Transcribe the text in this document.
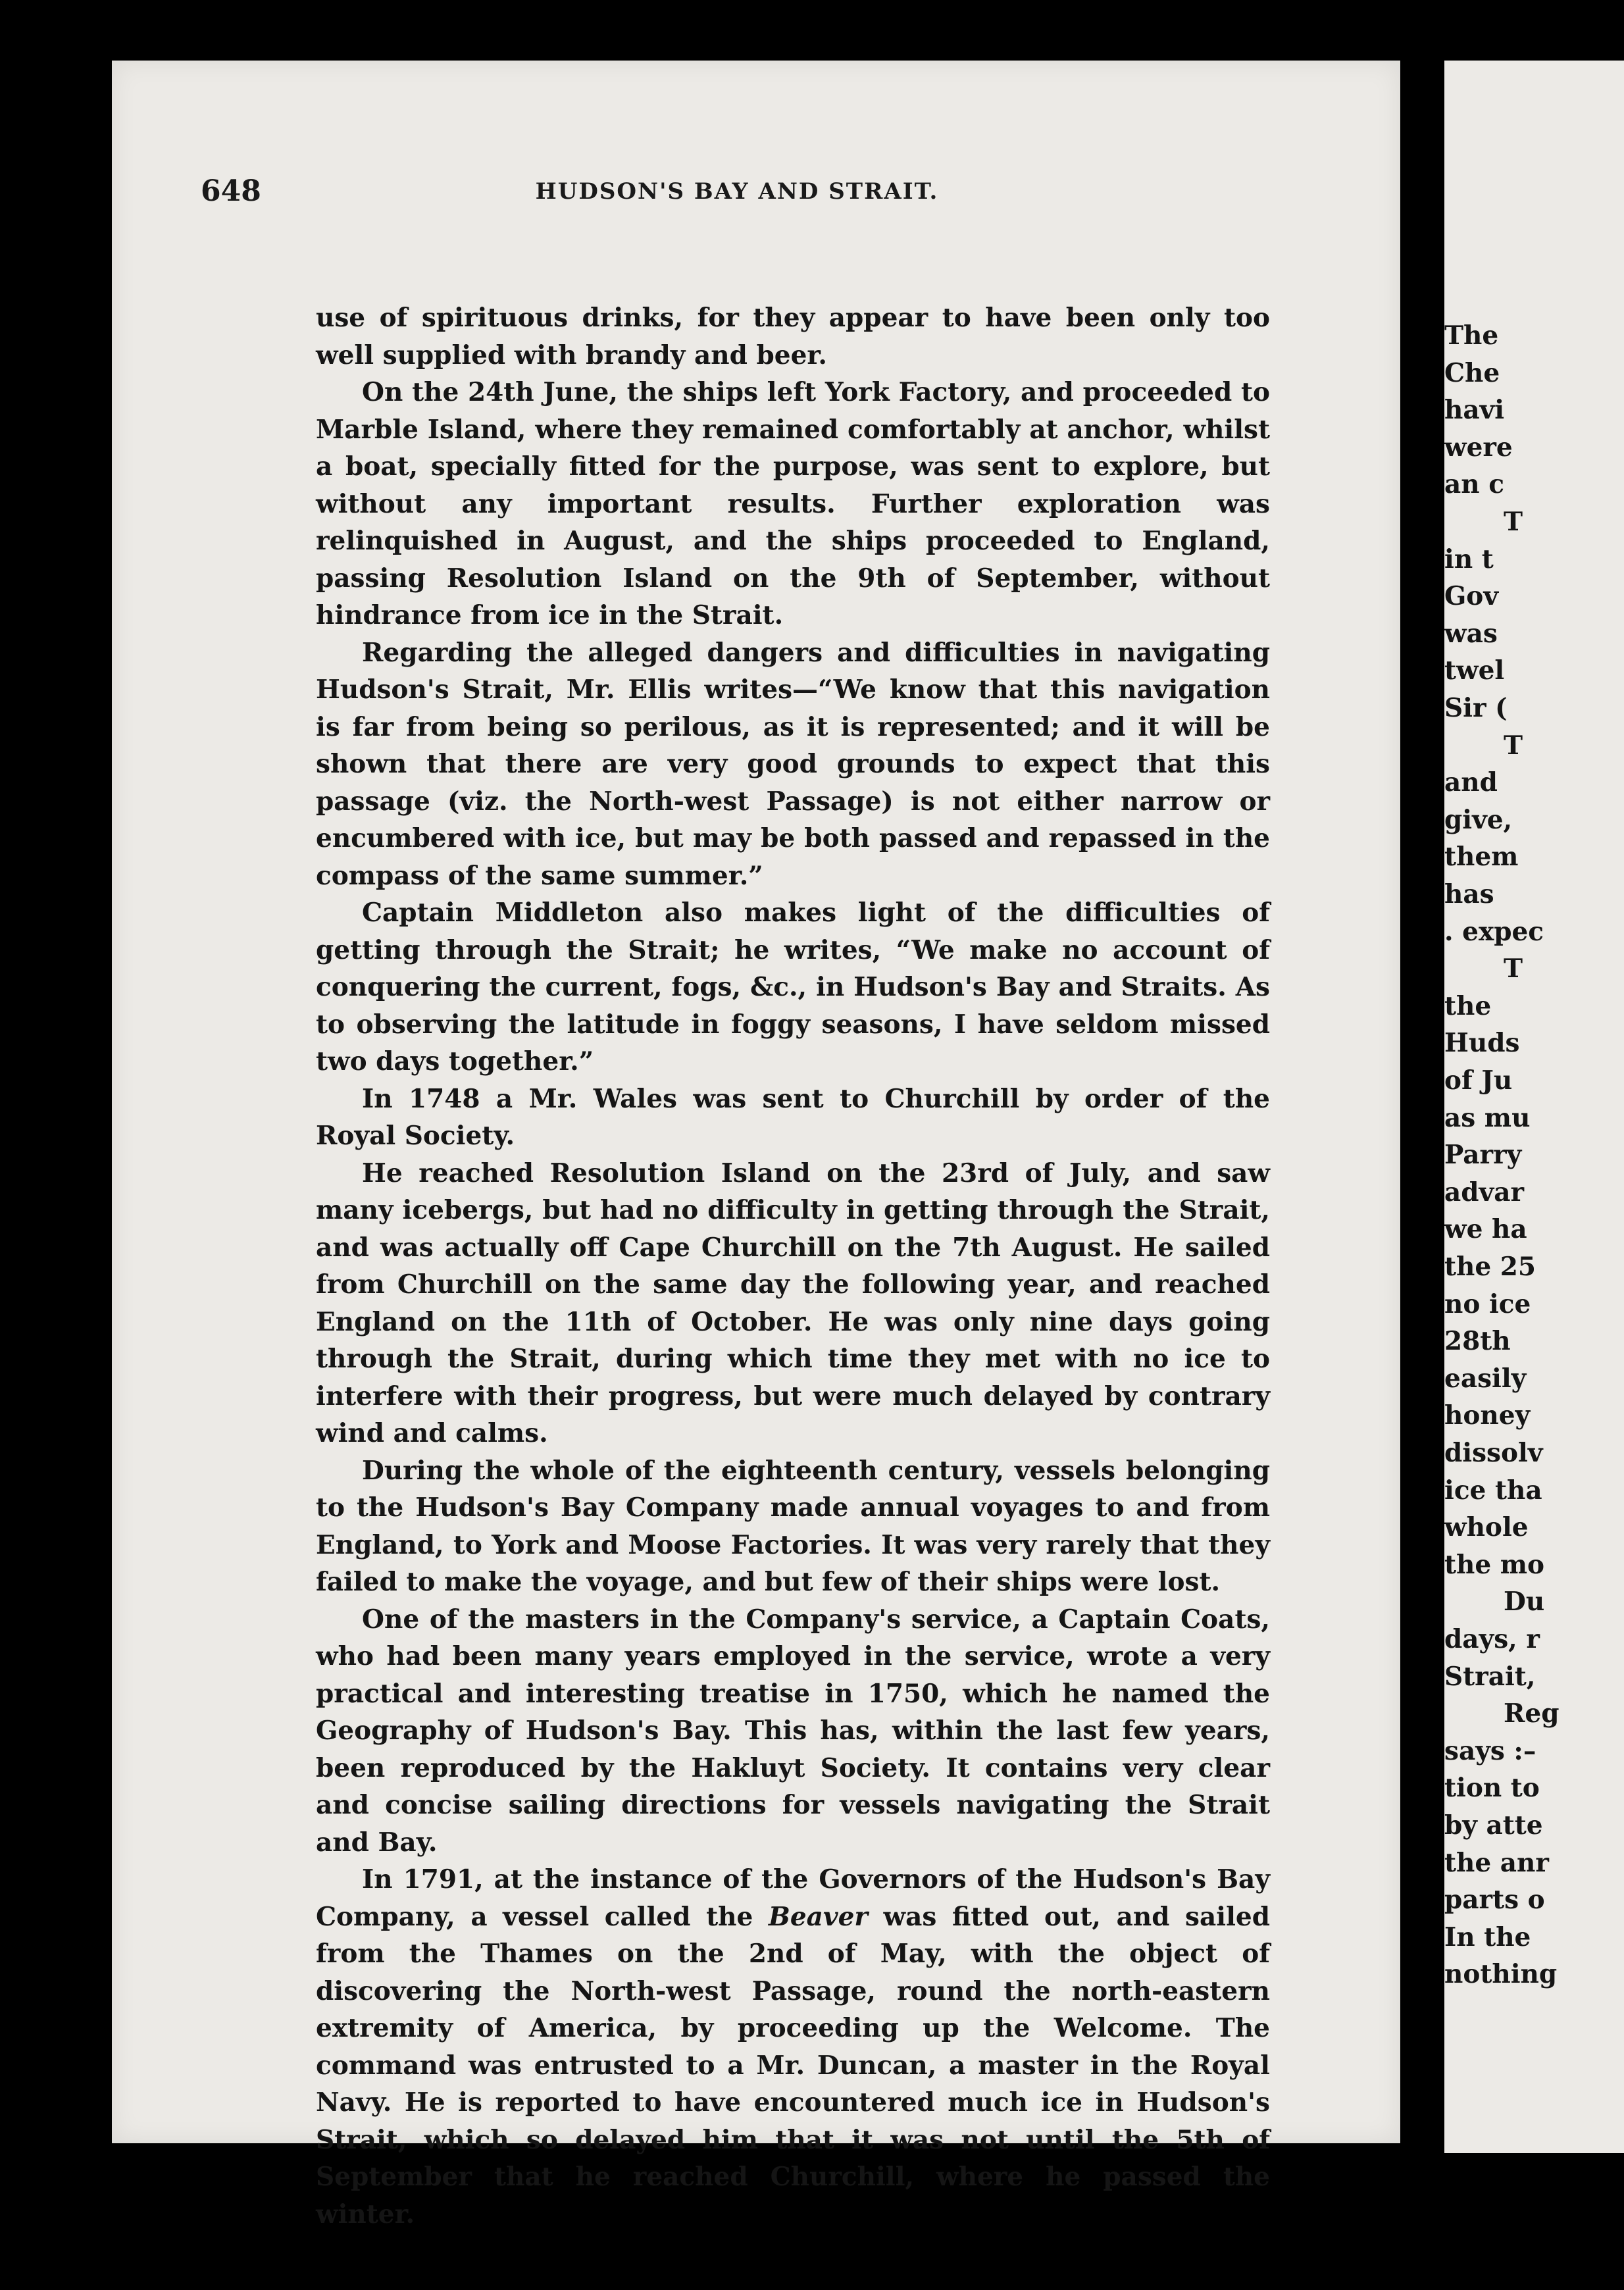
648	HUDSON'S BAY AND STRAIT.

use of spirituous drinks, for they appear to have been only too well supplied with brandy and beer.

On the 24th June, the ships left York Factory, and proceeded to Marble Island, where they remained comfortably at anchor, whilst a boat, specially fitted for the purpose, was sent to explore, but without any important results. Further exploration was relinquished in August, and the ships proceeded to England, passing Resolution Island on the 9th of September, without hindrance from ice in the Strait.

Regarding the alleged dangers and difficulties in navigating Hudson's Strait, Mr. Ellis writes—“We know that this navigation is far from being so perilous, as it is represented; and it will be shown that there are very good grounds to expect that this passage (viz. the North-west Passage) is not either narrow or encumbered with ice, but may be both passed and repassed in the compass of the same summer.”

Captain Middleton also makes light of the difficulties of getting through the Strait; he writes, “We make no account of conquering the current, fogs, &c., in Hudson's Bay and Straits. As to observing the latitude in foggy seasons, I have seldom missed two days together.”

In 1748 a Mr. Wales was sent to Churchill by order of the Royal Society.

He reached Resolution Island on the 23rd of July, and saw many icebergs, but had no difficulty in getting through the Strait, and was actually off Cape Churchill on the 7th August. He sailed from Churchill on the same day the following year, and reached England on the 11th of October. He was only nine days going through the Strait, during which time they met with no ice to interfere with their progress, but were much delayed by contrary wind and calms.

During the whole of the eighteenth century, vessels belonging to the Hudson's Bay Company made annual voyages to and from England, to York and Moose Factories. It was very rarely that they failed to make the voyage, and but few of their ships were lost.

One of the masters in the Company's service, a Captain Coats, who had been many years employed in the service, wrote a very practical and interesting treatise in 1750, which he named the Geography of Hudson's Bay. This has, within the last few years, been reproduced by the Hakluyt Society. It contains very clear and concise sailing directions for vessels navigating the Strait and Bay.

In 1791, at the instance of the Governors of the Hudson's Bay Company, a vessel called the Beaver was fitted out, and sailed from the Thames on the 2nd of May, with the object of discovering the North-west Passage, round the north-eastern extremity of America, by proceeding up the Welcome. The command was entrusted to a Mr. Duncan, a master in the Royal Navy. He is reported to have encountered much ice in Hudson's Strait, which so delayed him that it was not until the 5th of September that he reached Churchill, where he passed the winter.

The
Che
havi
were
an c
T
in t
Gov
was
twel
Sir (
T
and
give,
them
has
. expec
T
the
Huds
of Ju
as mu
Parry
advar
we ha
the 25
no ice
28th
easily
honey
dissolv
ice tha
whole
the mo
Du
days, r
Strait,
Reg
says :–
tion to
by atte
the anr
parts o
In the
nothing
